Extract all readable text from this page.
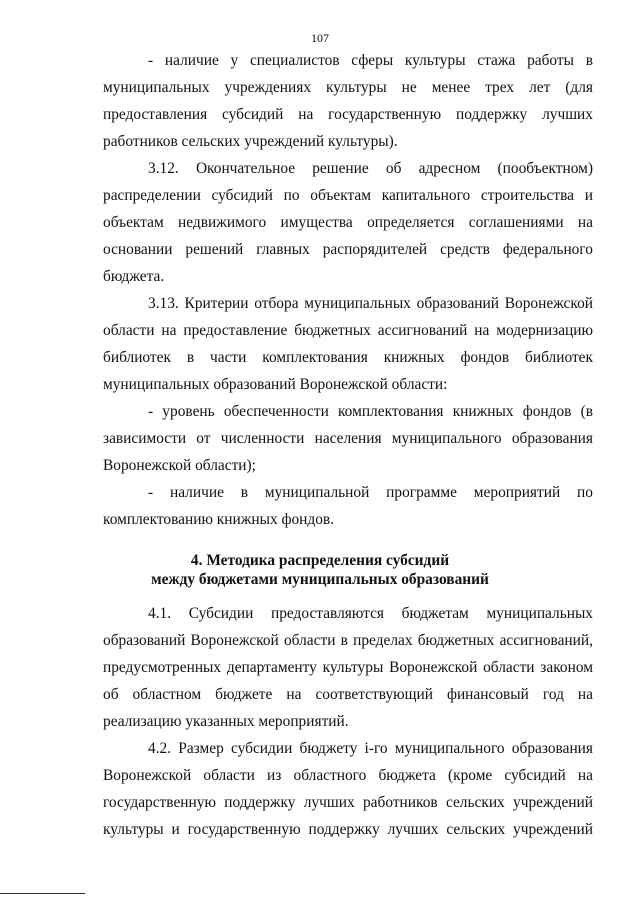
107
- наличие у специалистов сферы культуры стажа работы в
муниципальных учреждениях культуры не менее трех лет (для
предоставления субсидий на государственную поддержку лучших
работников сельских учреждений культуры).
3.12. Окончательное решение об адресном (пообъектном)
распределении субсидий по объектам капитального строительства и
объектам недвижимого имущества определяется соглашениями на
основании решений главных распорядителей средств федерального
бюджета.
3.13. Критерии отбора муниципальных образований Воронежской
области на предоставление бюджетных ассигнований на модернизацию
библиотек в части комплектования книжных фондов библиотек
муниципальных образований Воронежской области:
- уровень обеспеченности комплектования книжных фондов (в
зависимости от численности населения муниципального образования
Воронежской области);
- наличие в муниципальной программе мероприятий по
комплектованию книжных фондов.
4. Методика распределения субсидий
между бюджетами муниципальных образований
4.1. Субсидии предоставляются бюджетам муниципальных
образований Воронежской области в пределах бюджетных ассигнований,
предусмотренных департаменту культуры Воронежской области законом
об областном бюджете на соответствующий финансовый год на
реализацию указанных мероприятий.
4.2. Размер субсидии бюджету i-го муниципального образования
Воронежской области из областного бюджета (кроме субсидий на
государственную поддержку лучших работников сельских учреждений
культуры и государственную поддержку лучших сельских учреждений
